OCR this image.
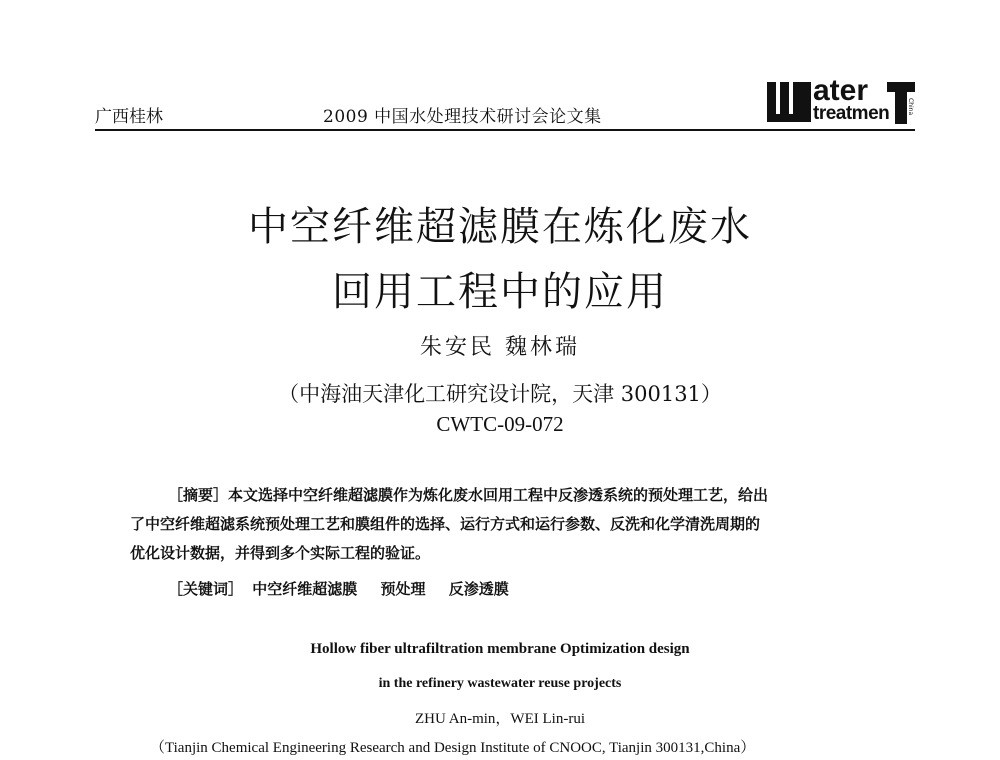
广西桂林	2009 中国水处理技术研讨会论文集
ater
treatmen	China
中空纤维超滤膜在炼化废水
回用工程中的应用
朱安民 魏林瑞
（中海油天津化工研究设计院，天津 300131）
CWTC-09-072

［摘要］本文选择中空纤维超滤膜作为炼化废水回用工程中反渗透系统的预处理工艺，给出

了中空纤维超滤系统预处理工艺和膜组件的选择、运行方式和运行参数、反洗和化学清洗周期的

优化设计数据，并得到多个实际工程的验证。

［关键词］ 中空纤维超滤膜 预处理 反渗透膜
Hollow fiber ultrafiltration membrane Optimization design
in the refinery wastewater reuse projects
ZHU An-min，WEI Lin-rui
（Tianjin Chemical Engineering Research and Design Institute of CNOOC, Tianjin 300131,China）
